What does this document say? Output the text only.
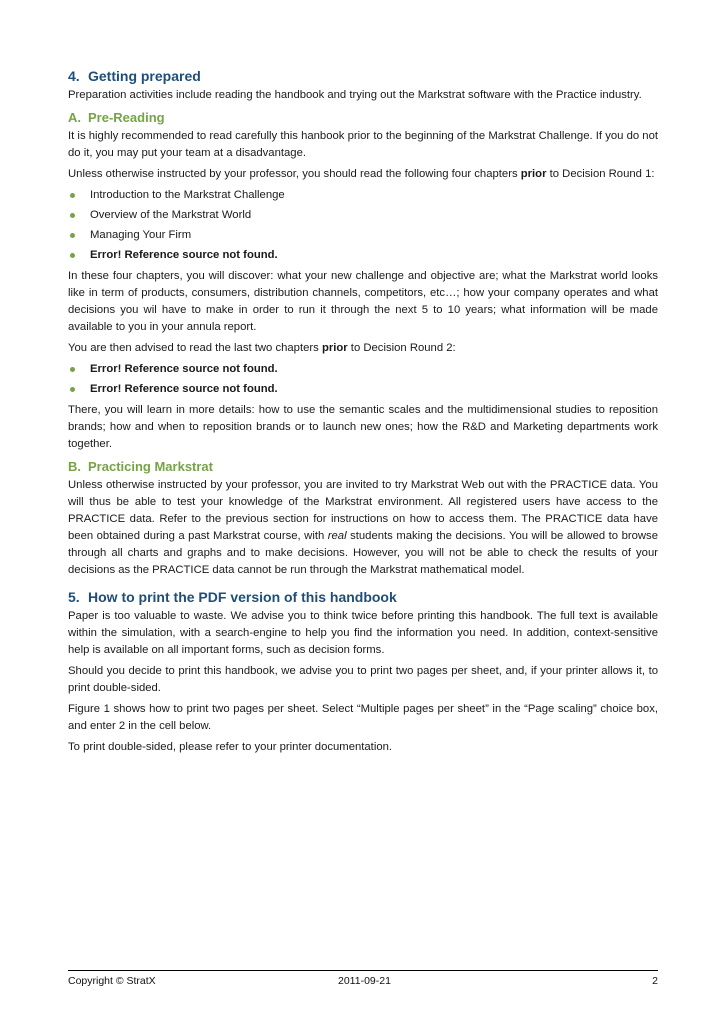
4. Getting prepared

Preparation activities include reading the handbook and trying out the Markstrat software with the Practice industry.

A. Pre-Reading

It is highly recommended to read carefully this hanbook prior to the beginning of the Markstrat Challenge. If you do not do it, you may put your team at a disadvantage.

Unless otherwise instructed by your professor, you should read the following four chapters prior to Decision Round 1:

Introduction to the Markstrat Challenge
Overview of the Markstrat World
Managing Your Firm
Error! Reference source not found.

In these four chapters, you will discover: what your new challenge and objective are; what the Markstrat world looks like in term of products, consumers, distribution channels, competitors, etc…; how your company operates and what decisions you wil have to make in order to run it through the next 5 to 10 years; what information will be made available to you in your annula report.

You are then advised to read the last two chapters prior to Decision Round 2:

Error! Reference source not found.
Error! Reference source not found.

There, you will learn in more details: how to use the semantic scales and the multidimensional studies to reposition brands; how and when to reposition brands or to launch new ones; how the R&D and Marketing departments work together.

B. Practicing Markstrat

Unless otherwise instructed by your professor, you are invited to try Markstrat Web out with the PRACTICE data. You will thus be able to test your knowledge of the Markstrat environment. All registered users have access to the PRACTICE data. Refer to the previous section for instructions on how to access them. The PRACTICE data have been obtained during a past Markstrat course, with real students making the decisions. You will be allowed to browse through all charts and graphs and to make decisions. However, you will not be able to check the results of your decisions as the PRACTICE data cannot be run through the Markstrat mathematical model.

5. How to print the PDF version of this handbook

Paper is too valuable to waste. We advise you to think twice before printing this handbook. The full text is available within the simulation, with a search-engine to help you find the information you need. In addition, context-sensitive help is available on all important forms, such as decision forms.

Should you decide to print this handbook, we advise you to print two pages per sheet, and, if your printer allows it, to print double-sided.

Figure 1 shows how to print two pages per sheet. Select “Multiple pages per sheet” in the “Page scaling” choice box, and enter 2 in the cell below.

To print double-sided, please refer to your printer documentation.

Copyright © StratX	2011-09-21	2
